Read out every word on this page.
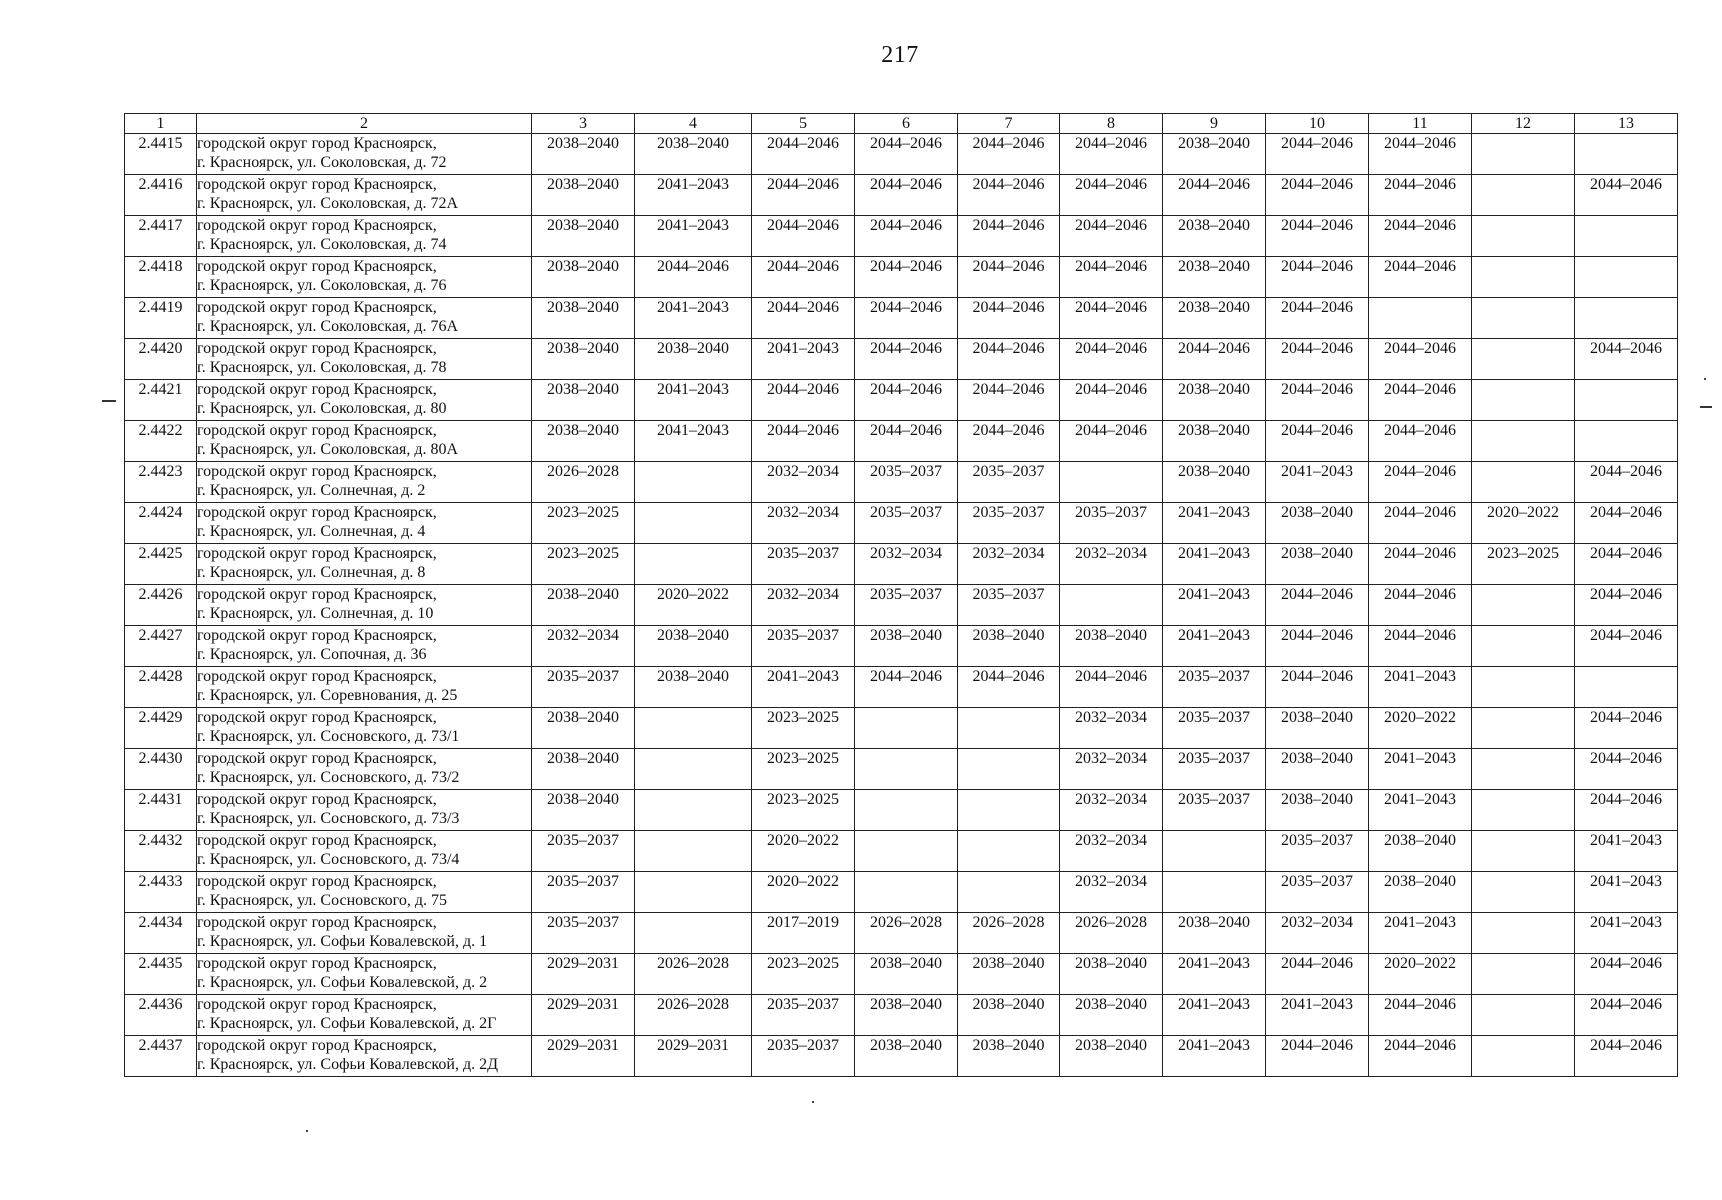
217
1	2	3	4	5	6	7	8	9	10	11	12	13
2.4415	городской округ город Красноярск,
г. Красноярск, ул. Соколовская, д. 72	2038–2040	2038–2040	2044–2046	2044–2046	2044–2046	2044–2046	2038–2040	2044–2046	2044–2046		
2.4416	городской округ город Красноярск,
г. Красноярск, ул. Соколовская, д. 72А	2038–2040	2041–2043	2044–2046	2044–2046	2044–2046	2044–2046	2044–2046	2044–2046	2044–2046		2044–2046
2.4417	городской округ город Красноярск,
г. Красноярск, ул. Соколовская, д. 74	2038–2040	2041–2043	2044–2046	2044–2046	2044–2046	2044–2046	2038–2040	2044–2046	2044–2046		
2.4418	городской округ город Красноярск,
г. Красноярск, ул. Соколовская, д. 76	2038–2040	2044–2046	2044–2046	2044–2046	2044–2046	2044–2046	2038–2040	2044–2046	2044–2046		
2.4419	городской округ город Красноярск,
г. Красноярск, ул. Соколовская, д. 76А	2038–2040	2041–2043	2044–2046	2044–2046	2044–2046	2044–2046	2038–2040	2044–2046			
2.4420	городской округ город Красноярск,
г. Красноярск, ул. Соколовская, д. 78	2038–2040	2038–2040	2041–2043	2044–2046	2044–2046	2044–2046	2044–2046	2044–2046	2044–2046		2044–2046
2.4421	городской округ город Красноярск,
г. Красноярск, ул. Соколовская, д. 80	2038–2040	2041–2043	2044–2046	2044–2046	2044–2046	2044–2046	2038–2040	2044–2046	2044–2046		
2.4422	городской округ город Красноярск,
г. Красноярск, ул. Соколовская, д. 80А	2038–2040	2041–2043	2044–2046	2044–2046	2044–2046	2044–2046	2038–2040	2044–2046	2044–2046		
2.4423	городской округ город Красноярск,
г. Красноярск, ул. Солнечная, д. 2	2026–2028		2032–2034	2035–2037	2035–2037		2038–2040	2041–2043	2044–2046		2044–2046
2.4424	городской округ город Красноярск,
г. Красноярск, ул. Солнечная, д. 4	2023–2025		2032–2034	2035–2037	2035–2037	2035–2037	2041–2043	2038–2040	2044–2046	2020–2022	2044–2046
2.4425	городской округ город Красноярск,
г. Красноярск, ул. Солнечная, д. 8	2023–2025		2035–2037	2032–2034	2032–2034	2032–2034	2041–2043	2038–2040	2044–2046	2023–2025	2044–2046
2.4426	городской округ город Красноярск,
г. Красноярск, ул. Солнечная, д. 10	2038–2040	2020–2022	2032–2034	2035–2037	2035–2037		2041–2043	2044–2046	2044–2046		2044–2046
2.4427	городской округ город Красноярск,
г. Красноярск, ул. Сопочная, д. 36	2032–2034	2038–2040	2035–2037	2038–2040	2038–2040	2038–2040	2041–2043	2044–2046	2044–2046		2044–2046
2.4428	городской округ город Красноярск,
г. Красноярск, ул. Соревнования, д. 25	2035–2037	2038–2040	2041–2043	2044–2046	2044–2046	2044–2046	2035–2037	2044–2046	2041–2043		
2.4429	городской округ город Красноярск,
г. Красноярск, ул. Сосновского, д. 73/1	2038–2040		2023–2025			2032–2034	2035–2037	2038–2040	2020–2022		2044–2046
2.4430	городской округ город Красноярск,
г. Красноярск, ул. Сосновского, д. 73/2	2038–2040		2023–2025			2032–2034	2035–2037	2038–2040	2041–2043		2044–2046
2.4431	городской округ город Красноярск,
г. Красноярск, ул. Сосновского, д. 73/3	2038–2040		2023–2025			2032–2034	2035–2037	2038–2040	2041–2043		2044–2046
2.4432	городской округ город Красноярск,
г. Красноярск, ул. Сосновского, д. 73/4	2035–2037		2020–2022			2032–2034		2035–2037	2038–2040		2041–2043
2.4433	городской округ город Красноярск,
г. Красноярск, ул. Сосновского, д. 75	2035–2037		2020–2022			2032–2034		2035–2037	2038–2040		2041–2043
2.4434	городской округ город Красноярск,
г. Красноярск, ул. Софьи Ковалевской, д. 1	2035–2037		2017–2019	2026–2028	2026–2028	2026–2028	2038–2040	2032–2034	2041–2043		2041–2043
2.4435	городской округ город Красноярск,
г. Красноярск, ул. Софьи Ковалевской, д. 2	2029–2031	2026–2028	2023–2025	2038–2040	2038–2040	2038–2040	2041–2043	2044–2046	2020–2022		2044–2046
2.4436	городской округ город Красноярск,
г. Красноярск, ул. Софьи Ковалевской, д. 2Г	2029–2031	2026–2028	2035–2037	2038–2040	2038–2040	2038–2040	2041–2043	2041–2043	2044–2046		2044–2046
2.4437	городской округ город Красноярск,
г. Красноярск, ул. Софьи Ковалевской, д. 2Д	2029–2031	2029–2031	2035–2037	2038–2040	2038–2040	2038–2040	2041–2043	2044–2046	2044–2046		2044–2046
